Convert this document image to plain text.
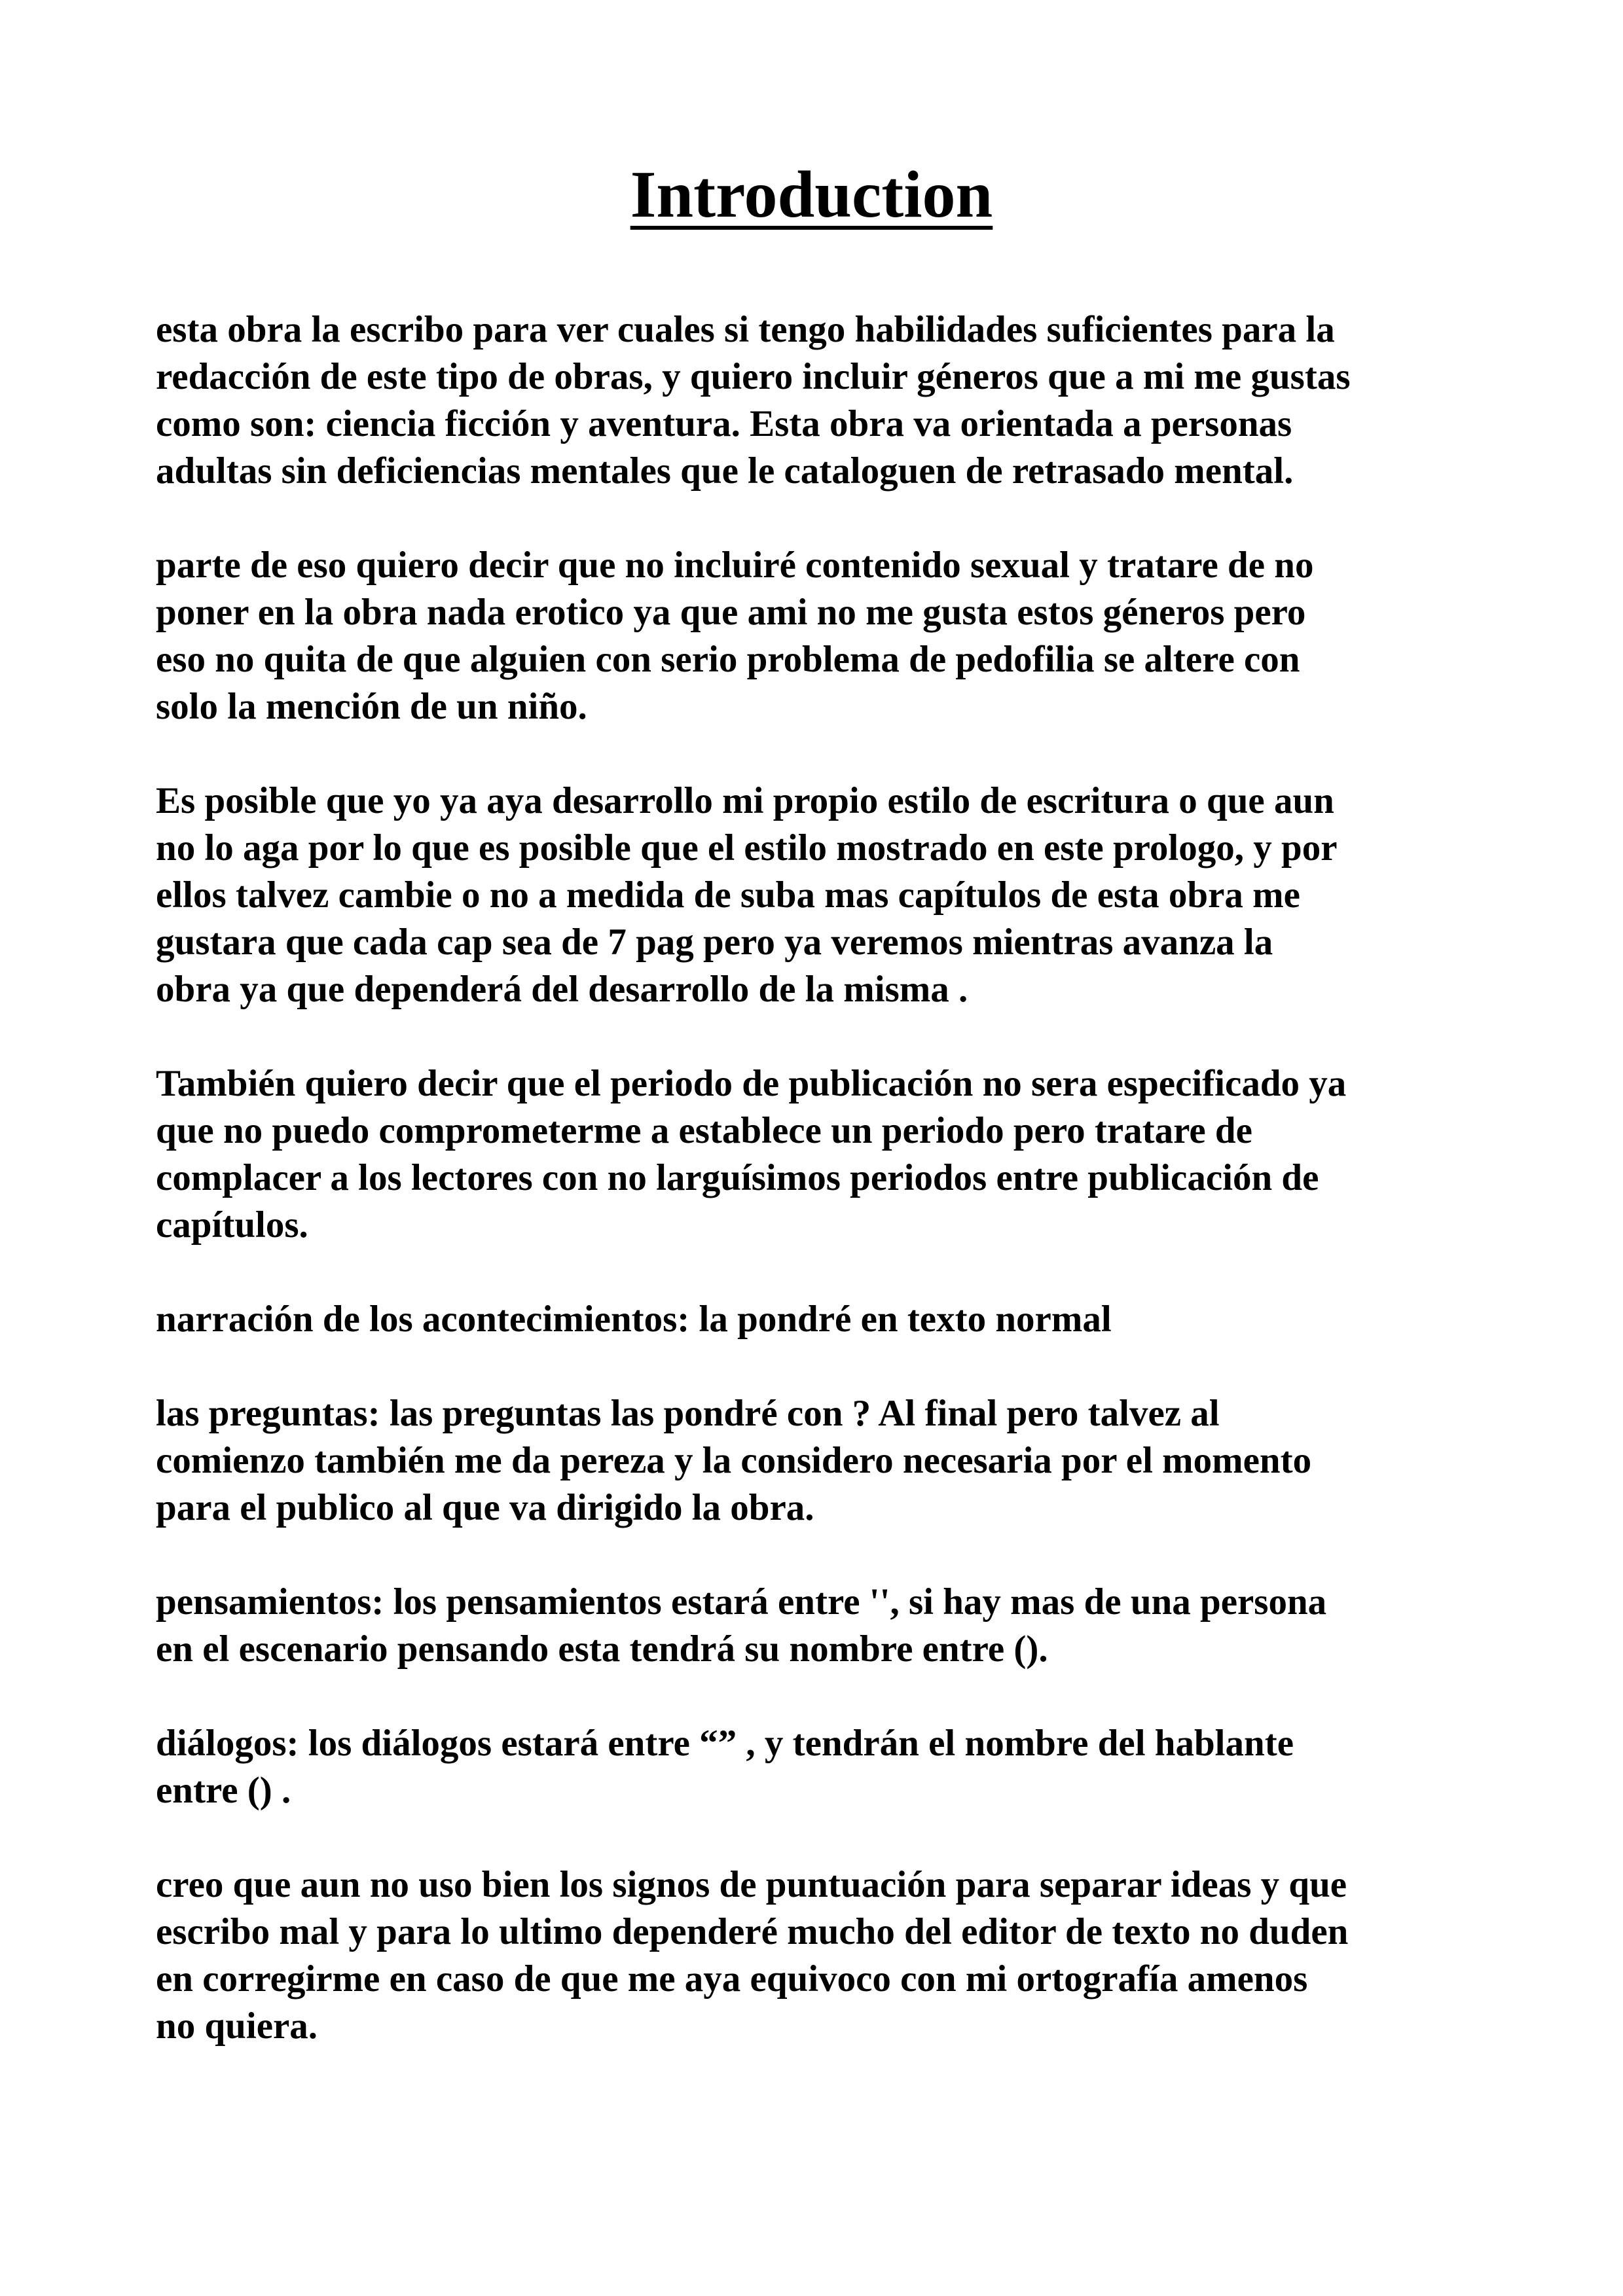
Introduction

esta obra la escribo para ver cuales si tengo habilidades suficientes para la
redacción de este tipo de obras, y quiero incluir géneros que a mi me gustas
como son: ciencia ficción y aventura. Esta obra va orientada a personas
adultas sin deficiencias mentales que le cataloguen de retrasado mental.

parte de eso quiero decir que no incluiré contenido sexual y tratare de no
poner en la obra nada erotico ya que ami no me gusta estos géneros pero
eso no quita de que alguien con serio problema de pedofilia se altere con
solo la mención de un niño.

Es posible que yo ya aya desarrollo mi propio estilo de escritura o que aun
no lo aga por lo que es posible que el estilo mostrado en este prologo, y por
ellos talvez cambie o no a medida de suba mas capítulos de esta obra me
gustara que cada cap sea de 7 pag pero ya veremos mientras avanza la
obra ya que dependerá del desarrollo de la misma .

También quiero decir que el periodo de publicación no sera especificado ya
que no puedo comprometerme a establece un periodo pero tratare de
complacer a los lectores con no larguísimos periodos entre publicación de
capítulos.

narración de los acontecimientos: la pondré en texto normal

las preguntas: las preguntas las pondré con ? Al final pero talvez al
comienzo también me da pereza y la considero necesaria por el momento
para el publico al que va dirigido la obra.

pensamientos: los pensamientos estará entre '', si hay mas de una persona
en el escenario pensando esta tendrá su nombre entre ().

diálogos: los diálogos estará entre “” , y tendrán el nombre del hablante
entre () .

creo que aun no uso bien los signos de puntuación para separar ideas y que
escribo mal y para lo ultimo dependeré mucho del editor de texto no duden
en corregirme en caso de que me aya equivoco con mi ortografía amenos
no quiera.
